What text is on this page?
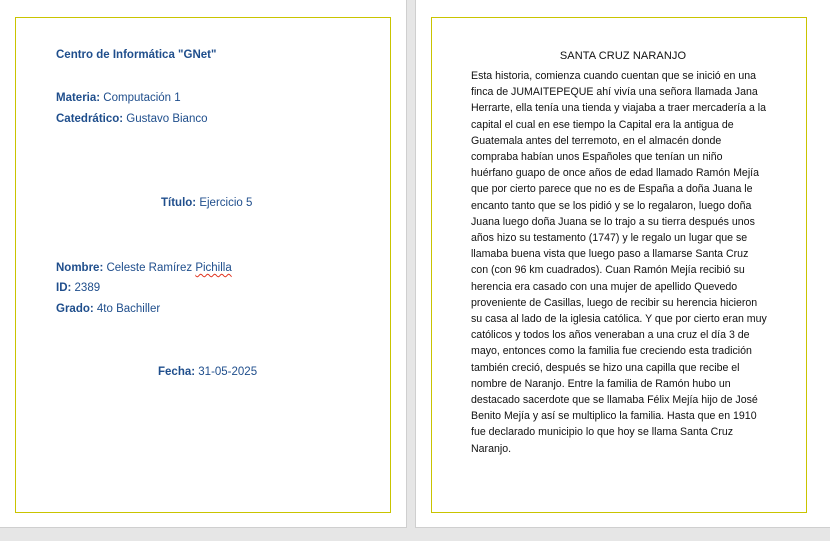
Centro de Informática "GNet"
Materia: Computación 1
Catedrático: Gustavo Bianco
Título: Ejercicio 5
Nombre: Celeste Ramírez Pichilla
ID: 2389
Grado: 4to Bachiller
Fecha: 31-05-2025
SANTA CRUZ NARANJO

Esta historia, comienza cuando cuentan que se inició en una finca de JUMAITEPEQUE ahí vivía una señora llamada Jana Herrarte, ella tenía una tienda y viajaba a traer mercadería a la capital el cual en ese tiempo la Capital era la antigua de Guatemala antes del terremoto, en el almacén donde compraba habían unos Españoles que tenían un niño huérfano guapo de once años de edad llamado Ramón Mejía que por cierto parece que no es de España a doña Juana le encanto tanto que se los pidió y se lo regalaron, luego doña Juana luego doña Juana se lo trajo a su tierra después unos años hizo su testamento (1747) y le regalo un lugar que se llamaba buena vista que luego paso a llamarse Santa Cruz con (con 96 km cuadrados). Cuan Ramón Mejía recibió su herencia era casado con una mujer de apellido Quevedo proveniente de Casillas, luego de recibir su herencia hicieron su casa al lado de la iglesia católica. Y que por cierto eran muy católicos y todos los años veneraban a una cruz el día 3 de mayo, entonces como la familia fue creciendo esta tradición también creció, después se hizo una capilla que recibe el nombre de Naranjo. Entre la familia de Ramón hubo un destacado sacerdote que se llamaba Félix Mejía hijo de José Benito Mejía y así se multiplico la familia. Hasta que en 1910 fue declarado municipio lo que hoy se llama Santa Cruz Naranjo.
